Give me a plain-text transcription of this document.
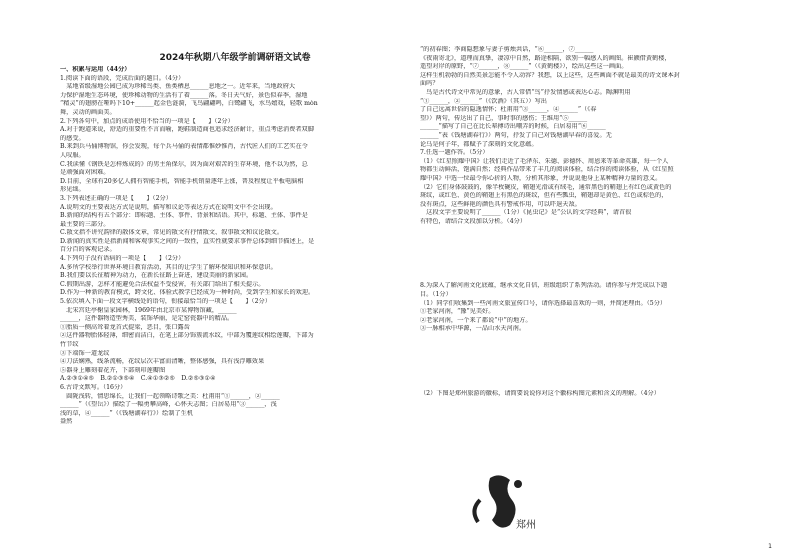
2024年秋期八年级学前调研语文试卷
一、积累与运用（44分）
1.阅读下面的语段，完成后面的题目。（4分）
　某地省级湿地公园已成为珍稀鸟类、鱼类栖息______息地之一。近年来，当地政府大
力保护湿地生态环境，使珍稀动物的生活有了着______落。冬日天气好，景色似春季，湿地
“精灵”的翅膀在哑吗下10+______起金色涟漪，飞鸟翩翩鸣，白鹭翩飞，水鸟嬉戏，轻歌 mòn
舞，灵动的画面美。
2.下列各句中，加点的成语使用不恰当的一项是【　　】（2分）
A.对于跑道来说，舒适的重要性不言而喻，跑鞋制造商也追求经济耐计，重点考虑消费者双脚
的感受。
B.来到兵马俑博物馆，你会发现，每个兵马俑的表情都惟妙惟肖，古代匠人们的工艺实在令
人叹服。
C.我读懂《钢铁是怎样炼成的》的男主角保尔，因为面对艰苦的生存环境，他不以为然，总
是顽强面对困难。
D.目前，全球有20多亿人拥有智能手机，智能手机销量逐年上涨，普及程度让平板电脑相
形见绌。
3.下列表述正确的一项是【　　】（2分）
A.说明文的主要表达方式是说明，描写和议论等表达方式在说明文中不会出现。
B.新闻的结构有五个部分：即标题、主体、事件、背景和结语。其中，标题、主体、事件是
最主要的三部分。
C.散文指不讲究韵律的散体文章，常见的散文有抒情散文、叙事散文和议论散文。
D.新闻的真实性是指新闻和客观事实之间的一致性，直实性就要求事件总体到细节描述上，是
百分百的客观记录。
4.下列句子没有语病的一项是【　　】（2分）
A.多所学校举行世界环境日教育活动，其目的让学生了解环保知识和环保意识。
B.我们要以长征精神为动力，在新长征路上奋进，建设美丽的新家园。
C.假期出游，怎样才能避免合法权益不受侵害，有关部门给出了相关提示。
D.作为一种新的教育模式，跨文化、体验式教学已经成为一种时尚，受到学生和家长的欢迎。
5.依次填入下面一段文字横线处的语句，衔接最恰当的一项是【　　】（2分）
　北宋宫廷亭榭皇家园林，1969年由北京市某博物馆藏，______
______，这件器物造型秀美，装饰华丽，是定窑瓷器中的精品。
①胎质一侧高耸着龙首式提梁，恶目，张口露齿
②这件器物胎体轻薄，细密而洁白，在笔上部分饰簇流水纹，中部为覆莲纹相绘莲瓣，下部为
竹节纹
③下端饰一道龙纹
④刀法娴熟，线条流畅，花纹层次丰富而清晰，整体感强，具有浅浮雕效果
⑤器身上雕刻着花卉，下部刻印莲瓣图
A.②③①④⑤　B.②①③⑤④　C.④①③②⑤　D.②⑤③①④
6.古诗文默写。（16分）
　圆陇浅转，情思绵长，让我们一起领略诗歌之美：杜甫用“①______，②______
______”（《望岳》）描绘了一幅勇攀高峰，心怀天志图；白居易用“③______，浅
浅的草，④______”（《钱塘湖春行》）绘制了生机
盎然
“的初春图；李商隐想象与妻子剪烛共话，“⑥______，⑦______
《夜雨寄北》，道理而真挚，凄凉中自然，路途相隔，欲别一幅感人的画图。崔颢借黄鹤楼，
遥望对岸的原野，“⑦______，⑧______”（《黄鹤楼》），绘出这些这一画面。
这样生机勃勃的自然美景怎能不令人动容？我想，以上这些，这些画面不就是最美的诗文课本封
面吗？
　鸟是古代诗文中常见的意象，古人常借“鸟”抒发情感或表达心志。陶渊明用
“①______，②______”（《饮酒》（其五））写出
了自己远离世俗的隐逸情怀；杜甫用“③______，④______”（《春
望》）两句，传达出了自己，事时事的感伤；王维用“⑤______
______”描写了自己在比长辈搏诗出嘲弄的时候，白居易用“⑥______
______”表《钱塘湖春行》）两句，抒发了自己对钱塘湖早春的喜爱。无
论乌是何子年，都赋予了深刻的文化意蕴。
7.任选一题作答。（5分）
（1）《红星照耀中国》让我们走近了毛泽东、朱德、彭德怀、周恩来等革命英雄，每一个人
物都生动鲜活，饱满自然；经典作品带来了丰几的阅读体验，结合你的阅读体验，从《红星照
耀中国》中选一位最令你心折的人物，分析其形象，并说说他身上某种精神力量的意义。
（2）它们身体鼓鼓的，像半枚碗皮，鞘翅光滑或有绒毛，通常黑色的鞘翅上有红色或黄色的
斑纹，或红色、黄色的鞘翅上有黑色的斑纹，但有些瓢虫，鞘翅却是黄色、红色或棕色的，
没有斑点，这些鲜艳的颜色具有警戒作用，可以吓退天敌。
　这段文字主要说明了______（1分）《昆虫记》是“公认的文学经典”，请首很
有特色，请结合文段加以分析。（4分）
8.为深入了解河南文化底蕴，继承文化自信，班级组织了系列活动。请你参与并完成以下题
目。（1分）
（1）同学们收集到一些河南文旅宣传口号，请你选择最喜欢的一则，并简述理由。（5分）
①老家河南，“豫”见美好。
②老家河南，一个来了都说“中”的地方。
③一脉相承中华源，一品山水天河南。
（2）下图是郑州旅游的徽标，请简要说说你对这个徽标构图元素和含义的理解。（4分）
郑州
1
